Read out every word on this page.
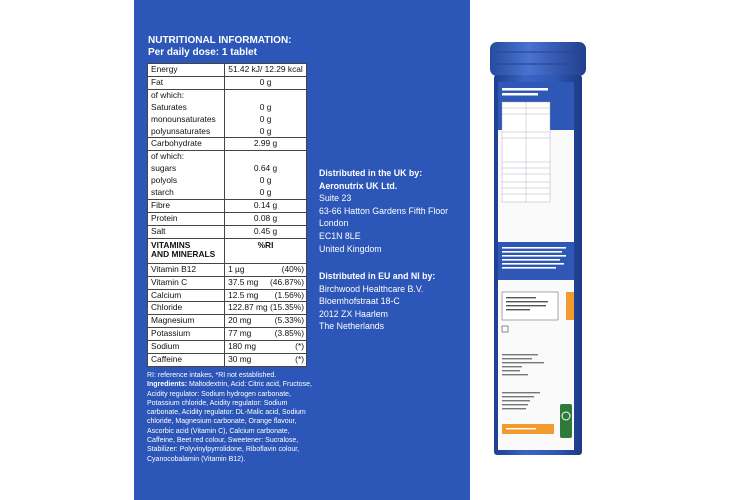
NUTRITIONAL INFORMATION:
Per daily dose: 1 tablet
Energy	51.42 kJ/ 12.29 kcal
Fat	0 g
of which:	
Saturates	0 g
monounsaturates	0 g
polyunsaturates	0 g
Carbohydrate	2.99 g
of which:	
sugars	0.64 g
polyols	0 g
starch	0 g
Fibre	0.14 g
Protein	0.08 g
Salt	0.45 g

VITAMINS
AND MINERALS	%RI
Vitamin B12	1 µg (40%)

Vitamin C	37.5 mg (46.87%)

Calcium	12.5 mg (1.56%)

Chloride	122.87 mg (15.35%)

Magnesium	20 mg (5.33%)

Potassium	77 mg (3.85%)

Sodium	180 mg (*)

Caffeine	30 mg (*)
RI: reference intakes, *RI not established.
Ingredients: Maltodextrin, Acid: Citric acid, Fructose, Acidity regulator: Sodium hydrogen carbonate, Potassium chloride, Acidity regulator: Sodium carbonate, Acidity regulator: DL-Malic acid, Sodium chloride, Magnesium carbonate, Orange flavour, Ascorbic acid (Vitamin C), Calcium carbonate, Caffeine, Beet red colour, Sweetener: Sucralose, Stabilizer: Polyvinylpyrrolidone, Riboflavin colour, Cyanocobalamin (Vitamin B12).
Distributed in the UK by:
Aeronutrix UK Ltd.
Suite 23
63-66 Hatton Gardens Fifth Floor
London
EC1N 8LE
United Kingdom
Distributed in EU and NI by:
Birchwood Healthcare B.V.
Bloemhofstraat 18-C
2012 ZX Haarlem
The Netherlands
